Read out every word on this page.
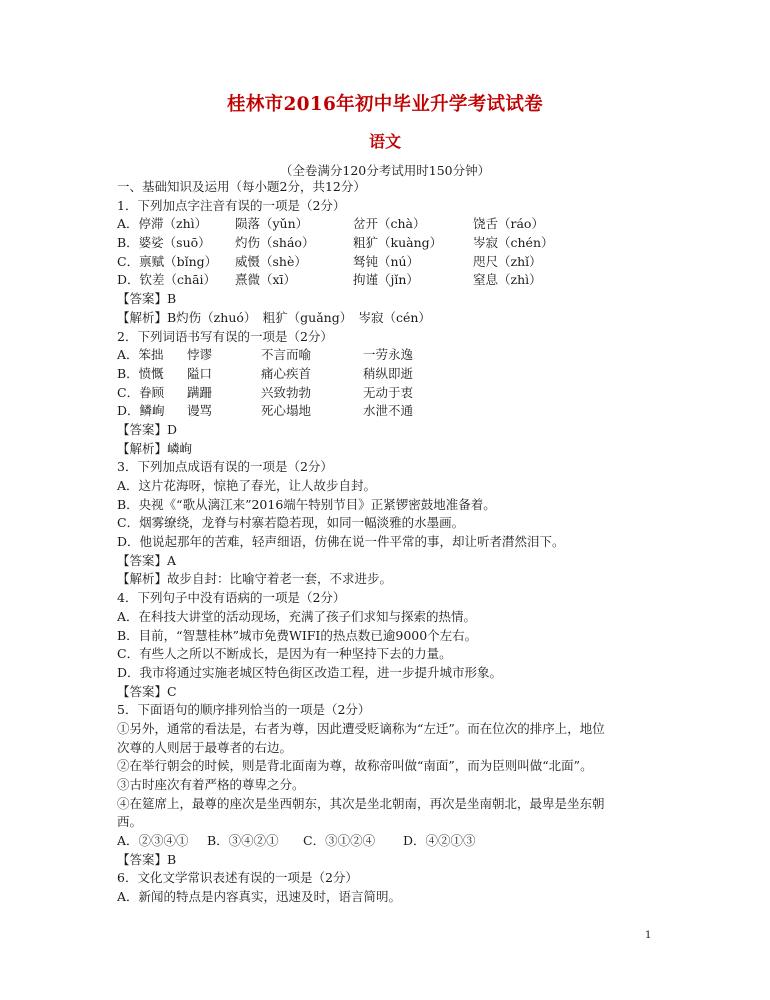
桂林市2016年初中毕业升学考试试卷
语文
（全卷满分120分考试用时150分钟）
一、基础知识及运用（每小题2分，共12分）
1．下列加点字注音有误的一项是（2分）
A．停滞（zhì）	陨落（yǔn）	岔开（chà）	饶舌（ráo）
B．婆娑（suō）	灼伤（sháo）	粗犷（kuàng）	岑寂（chén）
C．禀赋（bǐng）	威慑（shè）	驽钝（nú）	咫尺（zhǐ）
D．钦差（chāi）	熹微（xī）	拘谨（jǐn）	窒息（zhì）
【答案】B
【解析】B灼伤（zhuó）　粗犷（guǎng）　岑寂（cén）
2．下列词语书写有误的一项是（2分）
A．笨拙	悖谬	不言而喻	一劳永逸
B．愤慨	隘口	痛心疾首	稍纵即逝
C．眷顾	蹒跚	兴致勃勃	无动于衷
D．鳞峋	谩骂	死心塌地	水泄不通
【答案】D
【解析】嶙峋
3．下列加点成语有误的一项是（2分）
A．这片花海呀，惊艳了春光，让人故步自封。
B．央视《“歌从漓江来”2016端午特别节目》正紧锣密鼓地准备着。
C．烟雾缭绕，龙脊与村寨若隐若现，如同一幅淡雅的水墨画。
D．他说起那年的苦难，轻声细语，仿佛在说一件平常的事，却让听者潸然泪下。
【答案】A
【解析】故步自封：比喻守着老一套，不求进步。
4．下列句子中没有语病的一项是（2分）
A．在科技大讲堂的活动现场，充满了孩子们求知与探索的热情。
B．目前，“智慧桂林”城市免费WIFI的热点数已逾9000个左右。
C．有些人之所以不断成长，是因为有一种坚持下去的力量。
D．我市将通过实施老城区特色街区改造工程，进一步提升城市形象。
【答案】C
5．下面语句的顺序排列恰当的一项是（2分）
①另外，通常的看法是，右者为尊，因此遭受贬谪称为“左迁”。而在位次的排序上，地位
次尊的人则居于最尊者的右边。
②在举行朝会的时候，则是背北面南为尊，故称帝叫做“南面”，而为臣则叫做“北面”。
③古时座次有着严格的尊卑之分。
④在筵席上，最尊的座次是坐西朝东，其次是坐北朝南，再次是坐南朝北，最卑是坐东朝
西。
A．②③④①	B．③④②①	C．③①②④	D．④②①③
【答案】B
6．文化文学常识表述有误的一项是（2分）
A．新闻的特点是内容真实，迅速及时，语言简明。
1
